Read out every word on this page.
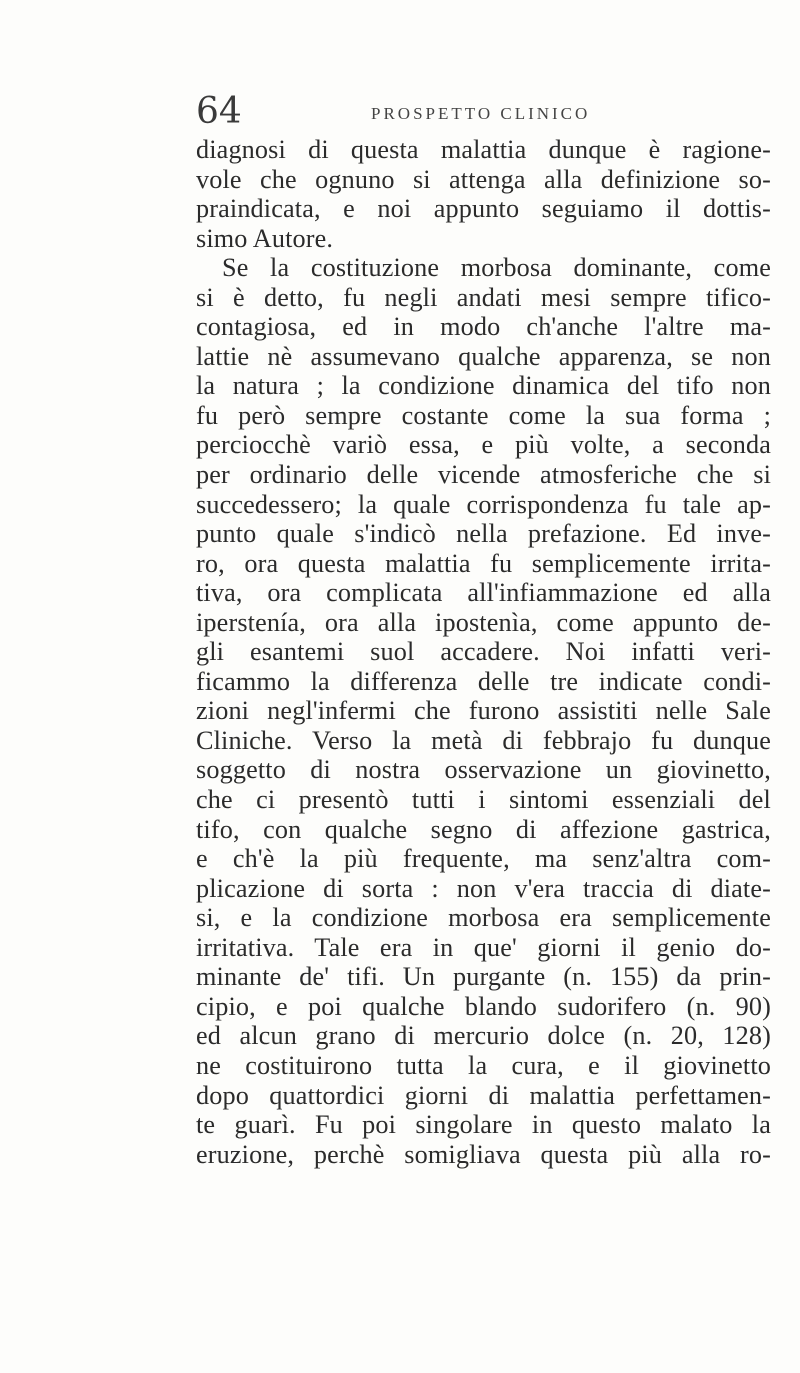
64	PROSPETTO CLINICO
diagnosi di questa malattia dunque è ragione-
vole che ognuno si attenga alla definizione so-
praindicata, e noi appunto seguiamo il dottis-
simo Autore.
Se la costituzione morbosa dominante, come
si è detto, fu negli andati mesi sempre tifico-
contagiosa, ed in modo ch'anche l'altre ma-
lattie nè assumevano qualche apparenza, se non
la natura ; la condizione dinamica del tifo non
fu però sempre costante come la sua forma ;
perciocchè variò essa, e più volte, a seconda
per ordinario delle vicende atmosferiche che si
succedessero; la quale corrispondenza fu tale ap-
punto quale s'indicò nella prefazione. Ed inve-
ro, ora questa malattia fu semplicemente irrita-
tiva, ora complicata all'infiammazione ed alla
iperstenía, ora alla ipostenìa, come appunto de-
gli esantemi suol accadere. Noi infatti veri-
ficammo la differenza delle tre indicate condi-
zioni negl'infermi che furono assistiti nelle Sale
Cliniche. Verso la metà di febbrajo fu dunque
soggetto di nostra osservazione un giovinetto,
che ci presentò tutti i sintomi essenziali del
tifo, con qualche segno di affezione gastrica,
e ch'è la più frequente, ma senz'altra com-
plicazione di sorta : non v'era traccia di diate-
si, e la condizione morbosa era semplicemente
irritativa. Tale era in que' giorni il genio do-
minante de' tifi. Un purgante (n. 155) da prin-
cipio, e poi qualche blando sudorifero (n. 90)
ed alcun grano di mercurio dolce (n. 20, 128)
ne costituirono tutta la cura, e il giovinetto
dopo quattordici giorni di malattia perfettamen-
te guarì. Fu poi singolare in questo malato la
eruzione, perchè somigliava questa più alla ro-
